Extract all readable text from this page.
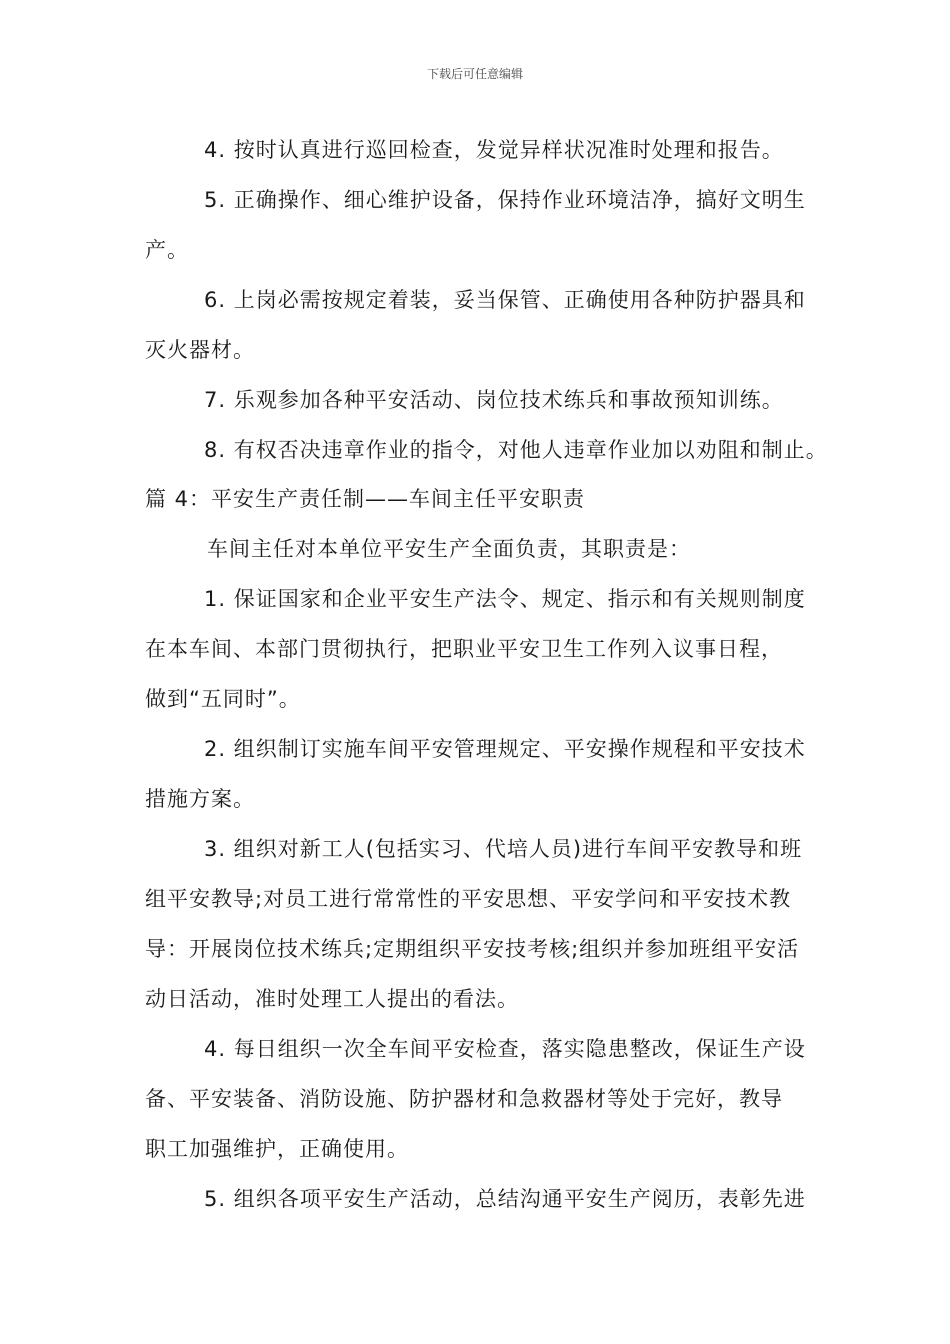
下载后可任意编辑
4. 按时认真进行巡回检查，发觉异样状况准时处理和报告。
5. 正确操作、细心维护设备，保持作业环境洁净，搞好文明生
产。
6. 上岗必需按规定着装，妥当保管、正确使用各种防护器具和
灭火器材。
7. 乐观参加各种平安活动、岗位技术练兵和事故预知训练。
8. 有权否决违章作业的指令，对他人违章作业加以劝阻和制止。
篇 4：平安生产责任制——车间主任平安职责
车间主任对本单位平安生产全面负责，其职责是：
1. 保证国家和企业平安生产法令、规定、指示和有关规则制度
在本车间、本部门贯彻执行，把职业平安卫生工作列入议事日程，
做到“五同时”。
2. 组织制订实施车间平安管理规定、平安操作规程和平安技术
措施方案。
3. 组织对新工人(包括实习、代培人员)进行车间平安教导和班
组平安教导;对员工进行常常性的平安思想、平安学问和平安技术教
导：开展岗位技术练兵;定期组织平安技考核;组织并参加班组平安活
动日活动，准时处理工人提出的看法。
4. 每日组织一次全车间平安检查，落实隐患整改，保证生产设
备、平安装备、消防设施、防护器材和急救器材等处于完好，教导
职工加强维护，正确使用。
5. 组织各项平安生产活动，总结沟通平安生产阅历，表彰先进
